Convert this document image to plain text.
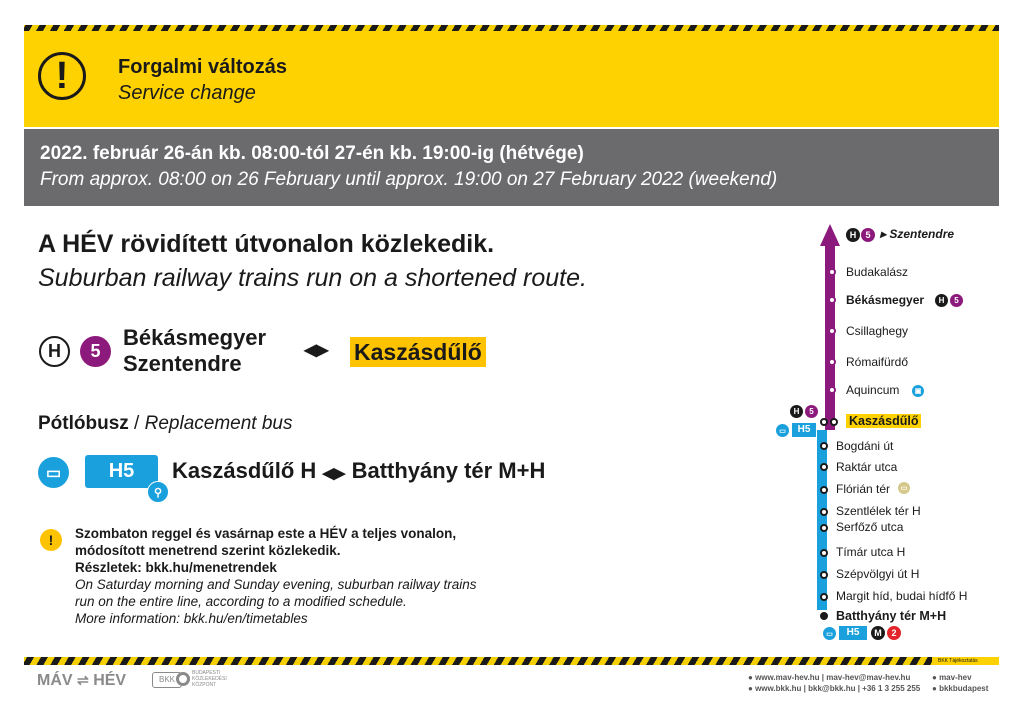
!	Forgalmi változás
Service change
2022. február 26-án kb. 08:00-tól 27-én kb. 19:00-ig (hétvége)
From approx. 08:00 on 26 February until approx. 19:00 on 27 February 2022 (weekend)
A HÉV rövidített útvonalon közlekedik.
Suburban railway trains run on a shortened route.
H	5
Békásmegyer
Szentendre
◀▶ Kaszásdűlő
Pótlóbusz / Replacement bus
▭	H5
⚲
Kaszásdűlő H ◀▶ Batthyány tér M+H
!	Szombaton reggel és vasárnap este a HÉV a teljes vonalon,
módosított menetrend szerint közlekedik.
Részletek: bkk.hu/menetrendek
On Saturday morning and Sunday evening, suburban railway trains
run on the entire line, according to a modified schedule.
More information: bkk.hu/en/timetables
H	5 ▸ Szentendre
Budakalász
Békásmegyer	H	5
Csillaghegy
Rómaifürdő
Aquincum	▣
H	5
▭	H5
Kaszásdűlő
Bogdáni út
Raktár utca
Flórián tér	▭
Szentlélek tér H
Serfőző utca
Tímár utca H
Szépvölgyi út H
Margit híd, budai hídfő H
Batthyány tér M+H
▭	H5	M	2
BKK Tájékoztatás
MÁV ⇌ HÉV	BKK
BUDAPESTI
KÖZLEKEDÉSI
KÖZPONT
● www.mav-hev.hu | mav-hev@mav-hev.hu
● www.bkk.hu | bkk@bkk.hu | +36 1 3 255 255
● mav-hev
● bkkbudapest
